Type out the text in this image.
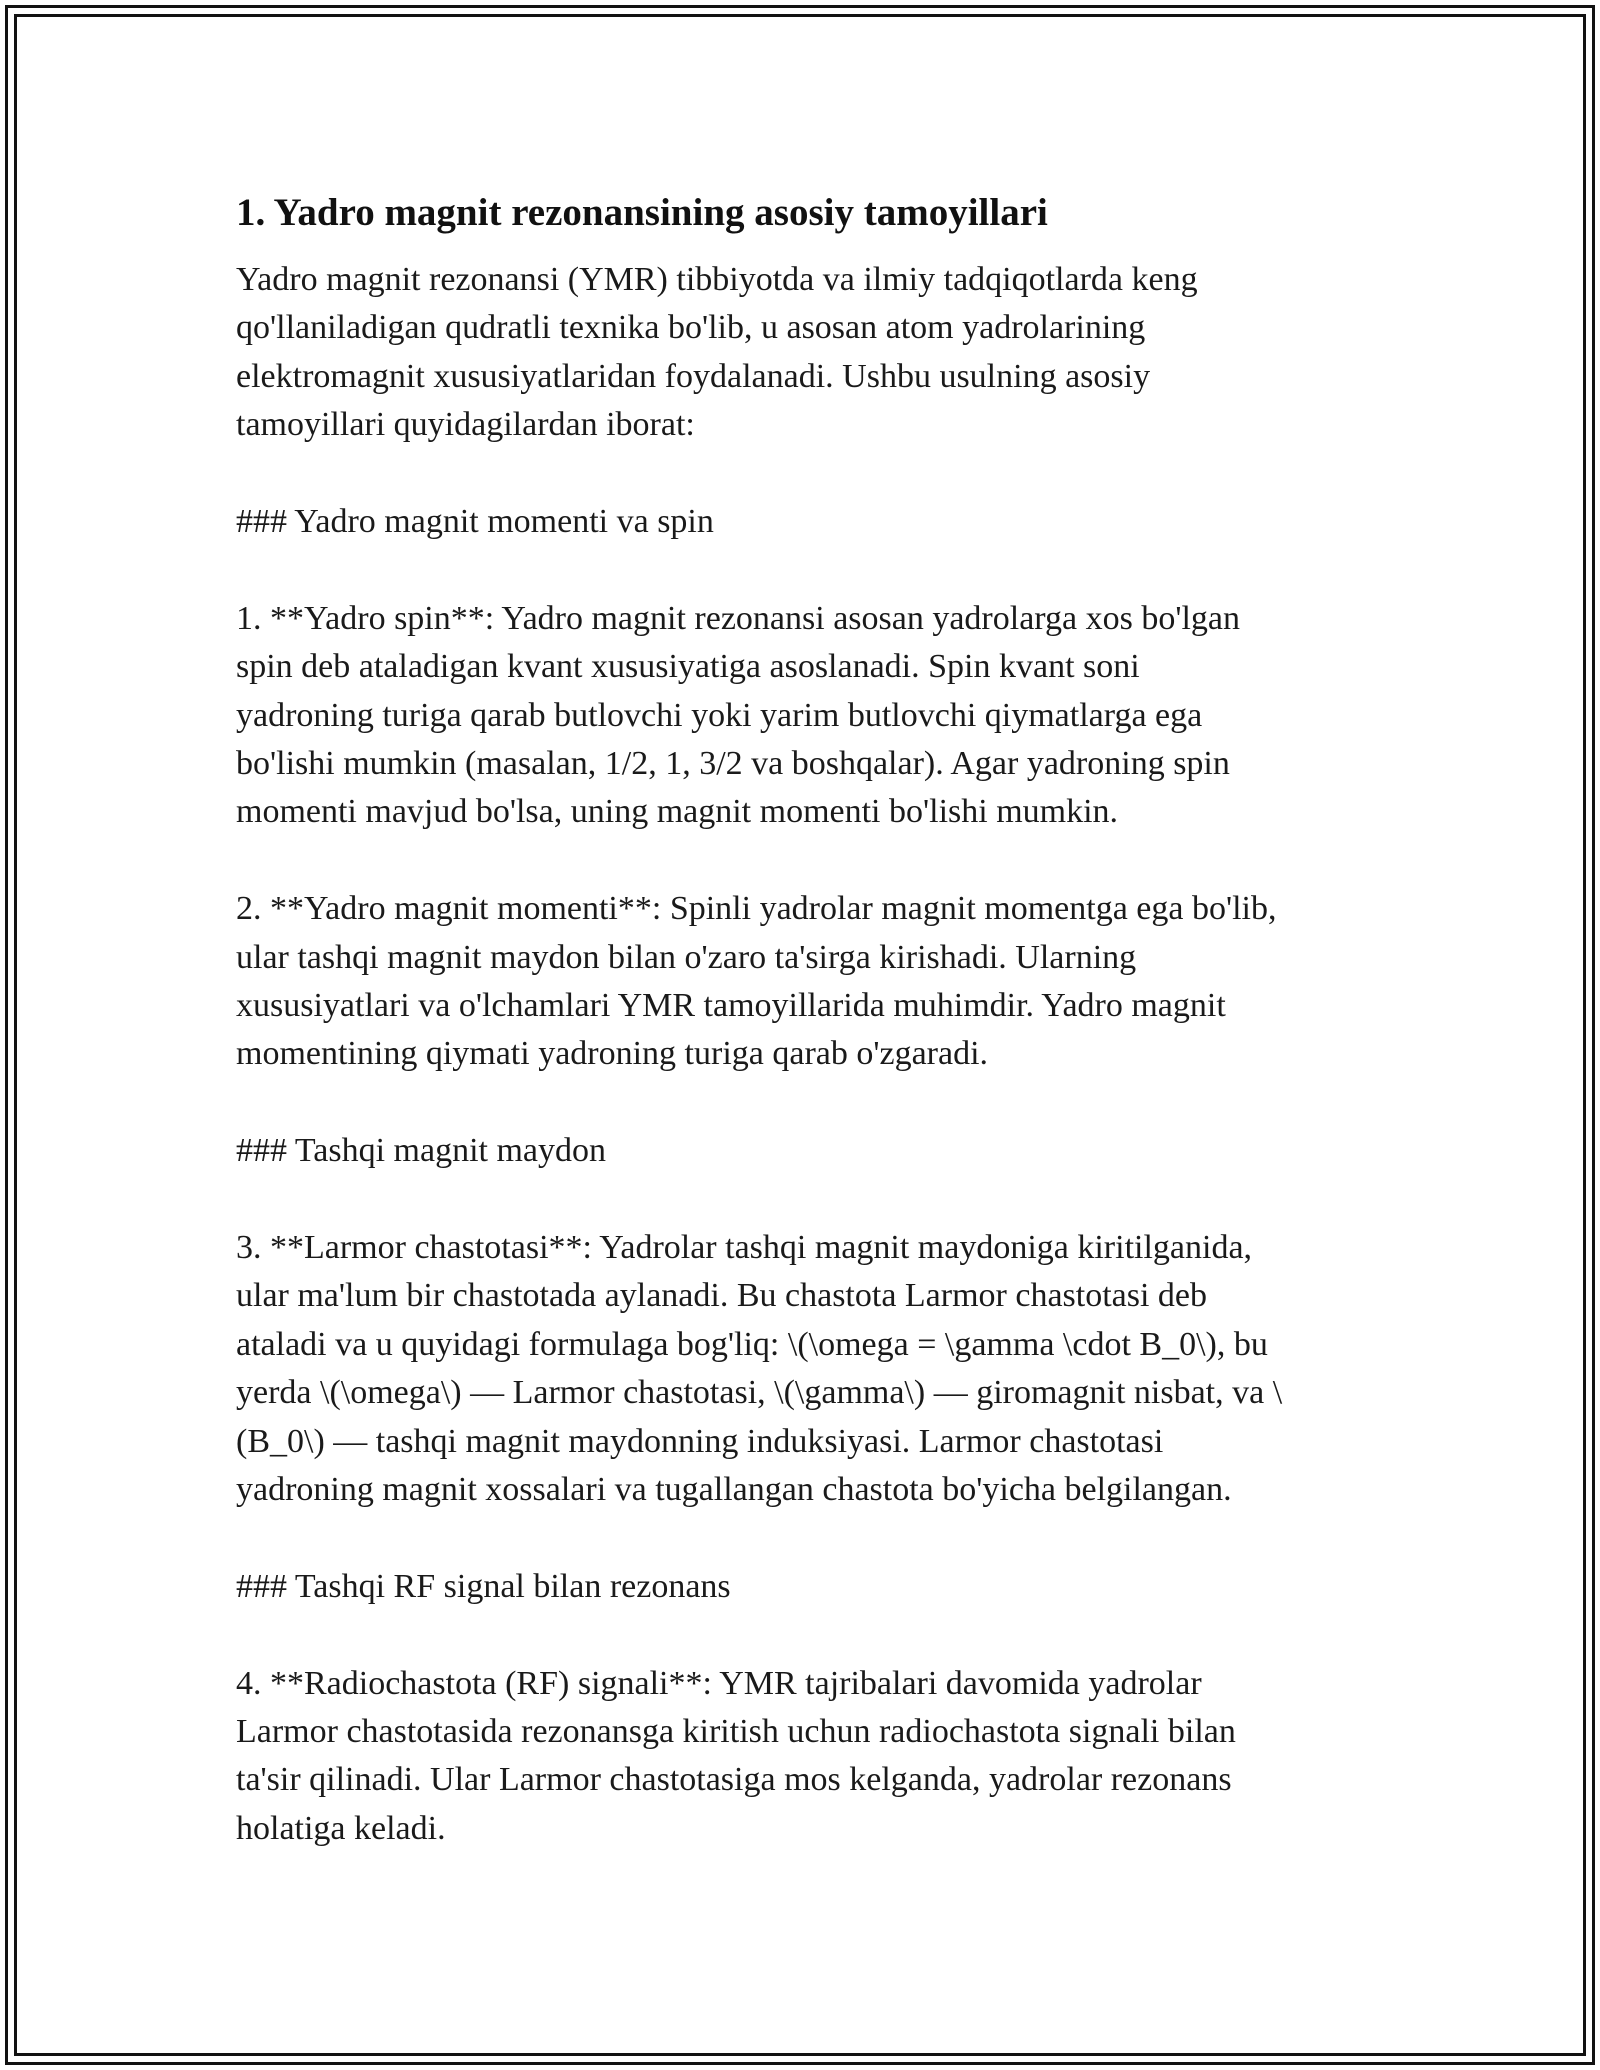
1. Yadro magnit rezonansining asosiy tamoyillari

Yadro magnit rezonansi (YMR) tibbiyotda va ilmiy tadqiqotlarda keng
qo'llaniladigan qudratli texnika bo'lib, u asosan atom yadrolarining
elektromagnit xususiyatlaridan foydalanadi. Ushbu usulning asosiy
tamoyillari quyidagilardan iborat:

### Yadro magnit momenti va spin

1. **Yadro spin**: Yadro magnit rezonansi asosan yadrolarga xos bo'lgan
spin deb ataladigan kvant xususiyatiga asoslanadi. Spin kvant soni
yadroning turiga qarab butlovchi yoki yarim butlovchi qiymatlarga ega
bo'lishi mumkin (masalan, 1/2, 1, 3/2 va boshqalar). Agar yadroning spin
momenti mavjud bo'lsa, uning magnit momenti bo'lishi mumkin.

2. **Yadro magnit momenti**: Spinli yadrolar magnit momentga ega bo'lib,
ular tashqi magnit maydon bilan o'zaro ta'sirga kirishadi. Ularning
xususiyatlari va o'lchamlari YMR tamoyillarida muhimdir. Yadro magnit
momentining qiymati yadroning turiga qarab o'zgaradi.

### Tashqi magnit maydon

3. **Larmor chastotasi**: Yadrolar tashqi magnit maydoniga kiritilganida,
ular ma'lum bir chastotada aylanadi. Bu chastota Larmor chastotasi deb
ataladi va u quyidagi formulaga bog'liq: \(\omega = \gamma \cdot B_0\), bu
yerda \(\omega\) — Larmor chastotasi, \(\gamma\) — giromagnit nisbat, va \
(B_0\) — tashqi magnit maydonning induksiyasi. Larmor chastotasi
yadroning magnit xossalari va tugallangan chastota bo'yicha belgilangan.

### Tashqi RF signal bilan rezonans

4. **Radiochastota (RF) signali**: YMR tajribalari davomida yadrolar
Larmor chastotasida rezonansga kiritish uchun radiochastota signali bilan
ta'sir qilinadi. Ular Larmor chastotasiga mos kelganda, yadrolar rezonans
holatiga keladi.
